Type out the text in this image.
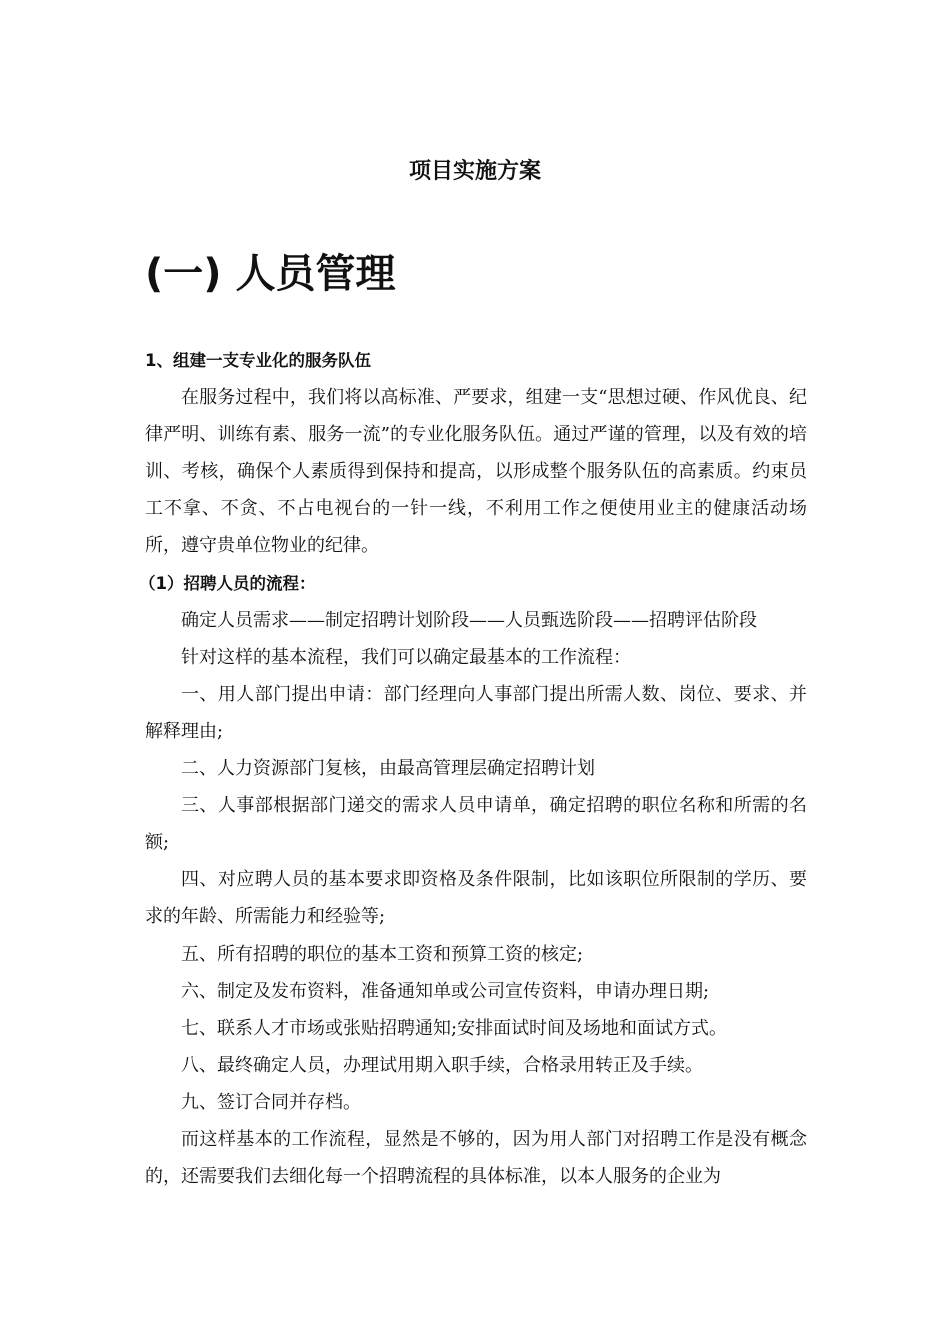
项目实施方案
(一) 人员管理

1、组建一支专业化的服务队伍

在服务过程中，我们将以高标准、严要求，组建一支“思想过硬、作风优良、纪律严明、训练有素、服务一流”的专业化服务队伍。通过严谨的管理，以及有效的培训、考核，确保个人素质得到保持和提高，以形成整个服务队伍的高素质。约束员工不拿、不贪、不占电视台的一针一线，不利用工作之便使用业主的健康活动场所，遵守贵单位物业的纪律。

（1）招聘人员的流程：

确定人员需求——制定招聘计划阶段——人员甄选阶段——招聘评估阶段

针对这样的基本流程，我们可以确定最基本的工作流程：

一、用人部门提出申请：部门经理向人事部门提出所需人数、岗位、要求、并解释理由;

二、人力资源部门复核，由最高管理层确定招聘计划

三、人事部根据部门递交的需求人员申请单，确定招聘的职位名称和所需的名额;

四、对应聘人员的基本要求即资格及条件限制，比如该职位所限制的学历、要求的年龄、所需能力和经验等;

五、所有招聘的职位的基本工资和预算工资的核定;

六、制定及发布资料，准备通知单或公司宣传资料，申请办理日期;

七、联系人才市场或张贴招聘通知;安排面试时间及场地和面试方式。

八、最终确定人员，办理试用期入职手续，合格录用转正及手续。

九、签订合同并存档。

而这样基本的工作流程，显然是不够的，因为用人部门对招聘工作是没有概念的，还需要我们去细化每一个招聘流程的具体标准，以本人服务的企业为
